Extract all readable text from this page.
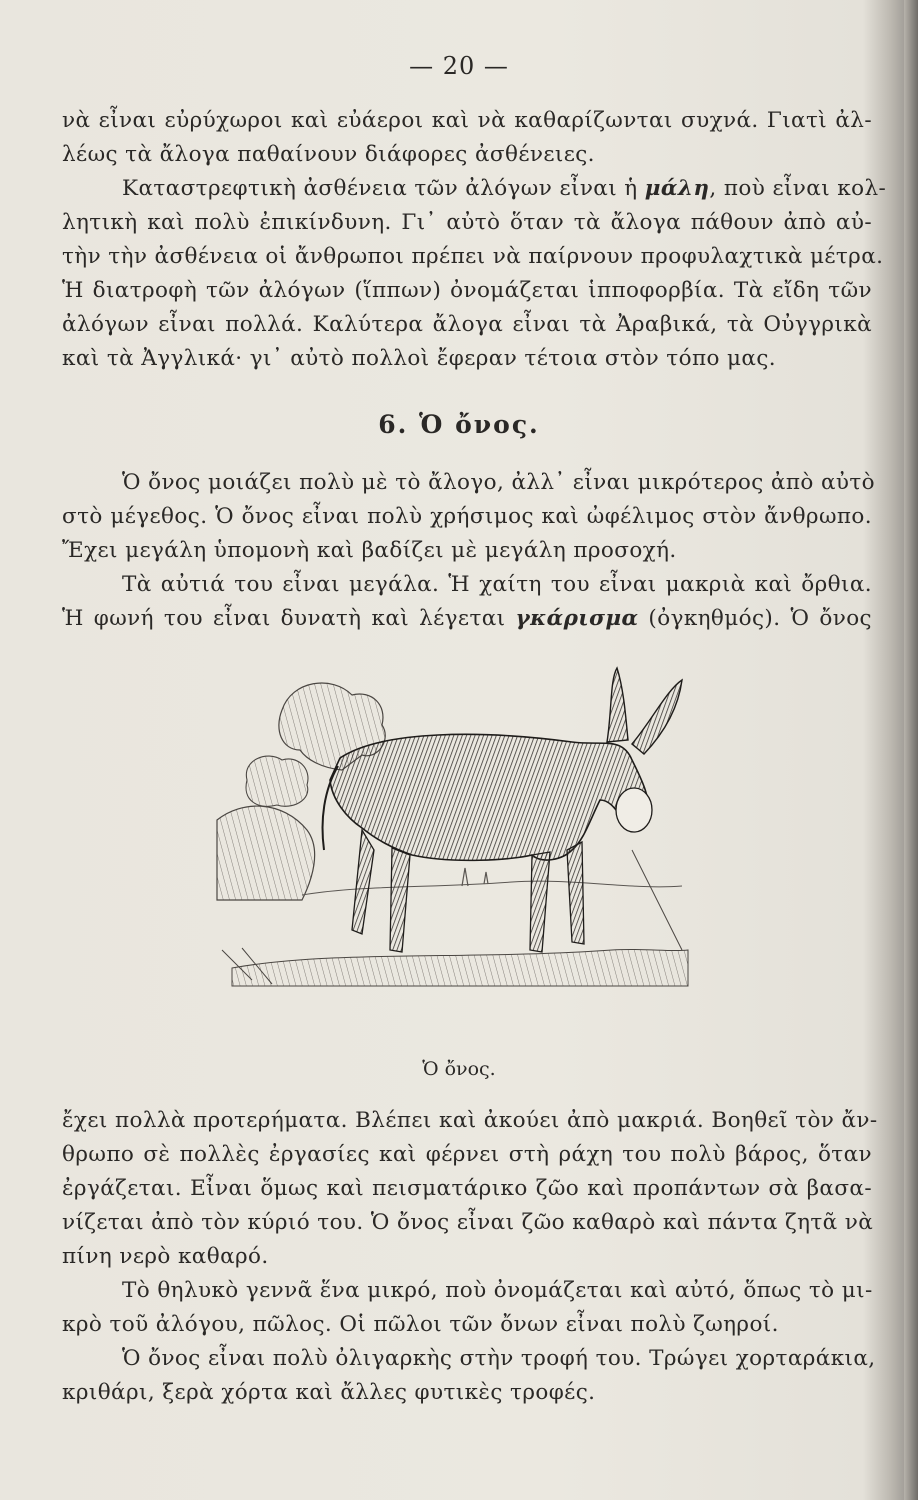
— 20 —
νὰ εἶναι εὐρύχωροι καὶ εὐάεροι καὶ νὰ καθαρίζωνται συχνά. Γιατὶ ἀλ-
λέως τὰ ἄλογα παθαίνουν διάφορες ἀσθένειες.
Καταστρεφτικὴ ἀσθένεια τῶν ἀλόγων εἶναι ἡ μάλη, ποὺ εἶναι κολ-
λητικὴ καὶ πολὺ ἐπικίνδυνη. Γι᾿ αὐτὸ ὅταν τὰ ἄλογα πάθουν ἀπὸ αὐ-
τὴν τὴν ἀσθένεια οἱ ἄνθρωποι πρέπει νὰ παίρνουν προφυλαχτικὰ μέτρα.
Ἡ διατροφὴ τῶν ἀλόγων (ἵππων) ὀνομάζεται ἱπποφορβία. Τὰ εἴδη τῶν
ἀλόγων εἶναι πολλά. Καλύτερα ἄλογα εἶναι τὰ Ἀραβικά, τὰ Οὐγγρικὰ
καὶ τὰ Ἀγγλικά· γι᾿ αὐτὸ πολλοὶ ἔφεραν τέτοια στὸν τόπο μας.
6. Ὁ ὄνος.
Ὁ ὄνος μοιάζει πολὺ μὲ τὸ ἄλογο, ἀλλ᾿ εἶναι μικρότερος ἀπὸ αὐτὸ
στὸ μέγεθος. Ὁ ὄνος εἶναι πολὺ χρήσιμος καὶ ὠφέλιμος στὸν ἄνθρωπο.
Ἔχει μεγάλη ὑπομονὴ καὶ βαδίζει μὲ μεγάλη προσοχή.
Τὰ αὐτιά του εἶναι μεγάλα. Ἡ χαίτη του εἶναι μακριὰ καὶ ὄρθια.
Ἡ φωνή του εἶναι δυνατὴ καὶ λέγεται γκάρισμα (ὀγκηθμός). Ὁ ὄνος
Ὁ ὄνος.
ἔχει πολλὰ προτερήματα. Βλέπει καὶ ἀκούει ἀπὸ μακριά. Βοηθεῖ τὸν ἄν-
θρωπο σὲ πολλὲς ἐργασίες καὶ φέρνει στὴ ράχη του πολὺ βάρος, ὅταν
ἐργάζεται. Εἶναι ὅμως καὶ πεισματάρικο ζῶο καὶ προπάντων σὰ βασα-
νίζεται ἀπὸ τὸν κύριό του. Ὁ ὄνος εἶναι ζῶο καθαρὸ καὶ πάντα ζητᾶ νὰ
πίνη νερὸ καθαρό.
Τὸ θηλυκὸ γεννᾶ ἕνα μικρό, ποὺ ὀνομάζεται καὶ αὐτό, ὅπως τὸ μι-
κρὸ τοῦ ἀλόγου, πῶλος. Οἱ πῶλοι τῶν ὄνων εἶναι πολὺ ζωηροί.
Ὁ ὄνος εἶναι πολὺ ὀλιγαρκὴς στὴν τροφή του. Τρώγει χορταράκια,
κριθάρι, ξερὰ χόρτα καὶ ἄλλες φυτικὲς τροφές.
